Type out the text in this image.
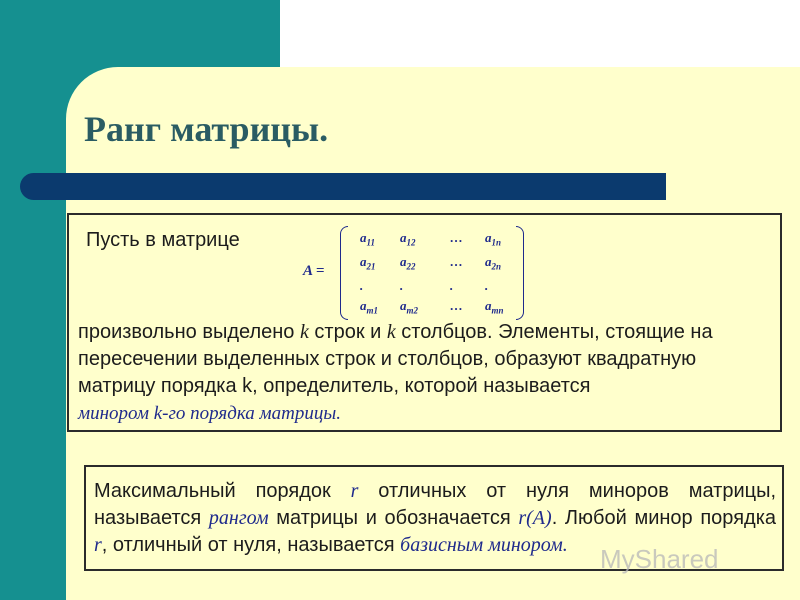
Ранг матрицы.
Пусть в матрице
A =
$a_{11}$ $a_{12}$	… $a_{1n}$
$a_{21}$ $a_{22}$	… $a_{2n}$
.	.	. .
$a_{m1}$ $a_{m2}$ … $a_{mn}$
произвольно выделено k строк и k столбцов. Элементы, стоящие на пересечении выделенных строк и столбцов, образуют квадратную матрицу порядка k, определитель, которой называется
минором k-го порядка матрицы.
Максимальный порядок r отличных от нуля миноров матрицы, называется рангом матрицы и обозначается r(A). Любой минор порядка r, отличный от нуля, называется базисным минором.	MyShared
